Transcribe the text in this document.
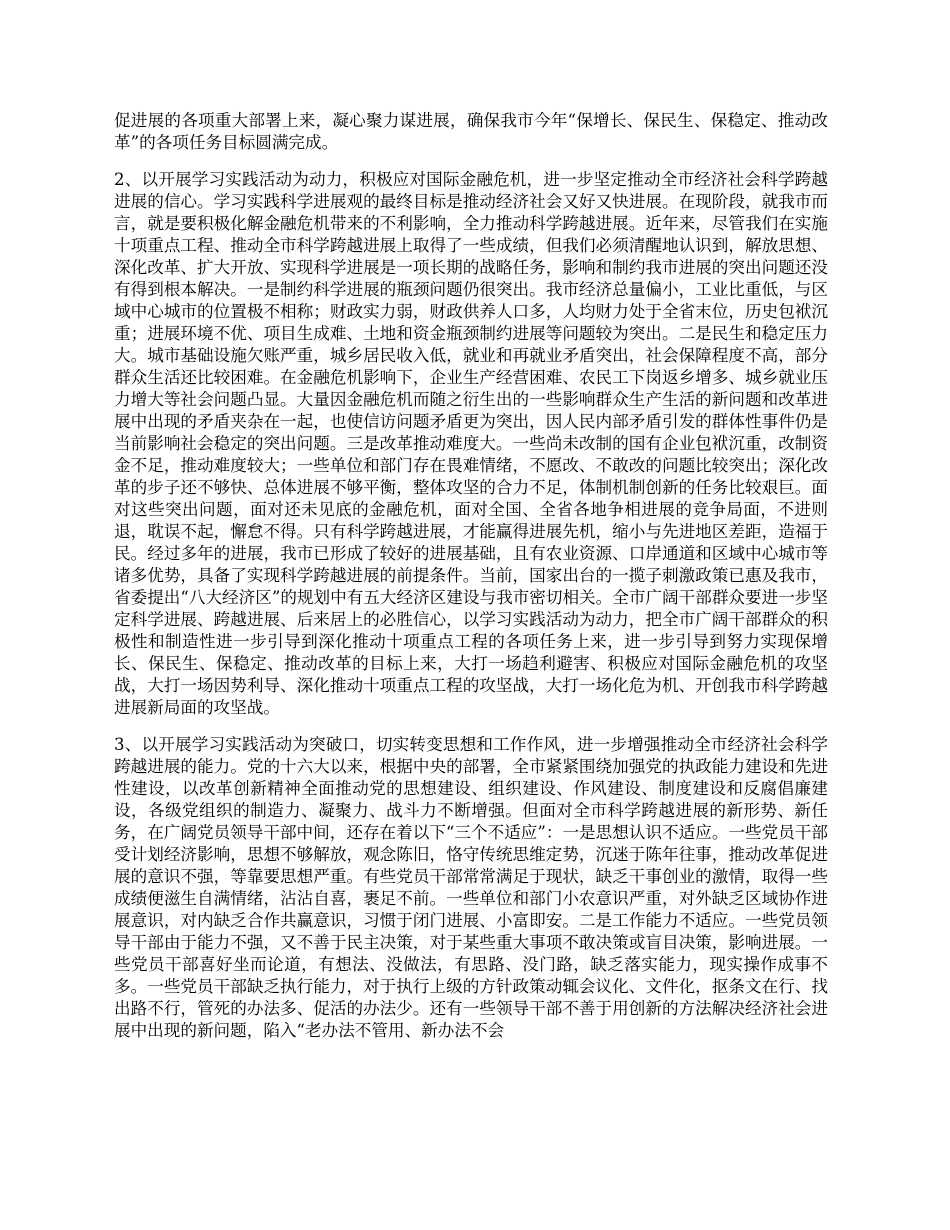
促进展的各项重大部署上来，凝心聚力谋进展，确保我市今年“保增长、保民生、保稳定、推动改革”的各项任务目标圆满完成。

2、以开展学习实践活动为动力，积极应对国际金融危机，进一步坚定推动全市经济社会科学跨越进展的信心。学习实践科学进展观的最终目标是推动经济社会又好又快进展。在现阶段，就我市而言，就是要积极化解金融危机带来的不利影响，全力推动科学跨越进展。近年来，尽管我们在实施十项重点工程、推动全市科学跨越进展上取得了一些成绩，但我们必须清醒地认识到，解放思想、深化改革、扩大开放、实现科学进展是一项长期的战略任务，影响和制约我市进展的突出问题还没有得到根本解决。一是制约科学进展的瓶颈问题仍很突出。我市经济总量偏小，工业比重低，与区域中心城市的位置极不相称；财政实力弱，财政供养人口多，人均财力处于全省末位，历史包袱沉重；进展环境不优、项目生成难、土地和资金瓶颈制约进展等问题较为突出。二是民生和稳定压力大。城市基础设施欠账严重，城乡居民收入低，就业和再就业矛盾突出，社会保障程度不高，部分群众生活还比较困难。在金融危机影响下，企业生产经营困难、农民工下岗返乡增多、城乡就业压力增大等社会问题凸显。大量因金融危机而随之衍生出的一些影响群众生产生活的新问题和改革进展中出现的矛盾夹杂在一起，也使信访问题矛盾更为突出，因人民内部矛盾引发的群体性事件仍是当前影响社会稳定的突出问题。三是改革推动难度大。一些尚未改制的国有企业包袱沉重，改制资金不足，推动难度较大；一些单位和部门存在畏难情绪，不愿改、不敢改的问题比较突出；深化改革的步子还不够快、总体进展不够平衡，整体攻坚的合力不足，体制机制创新的任务比较艰巨。面对这些突出问题，面对还未见底的金融危机，面对全国、全省各地争相进展的竞争局面，不进则退，耽误不起，懈怠不得。只有科学跨越进展，才能赢得进展先机，缩小与先进地区差距，造福于民。经过多年的进展，我市已形成了较好的进展基础，且有农业资源、口岸通道和区域中心城市等诸多优势，具备了实现科学跨越进展的前提条件。当前，国家出台的一揽子刺激政策已惠及我市，省委提出“八大经济区”的规划中有五大经济区建设与我市密切相关。全市广阔干部群众要进一步坚定科学进展、跨越进展、后来居上的必胜信心，以学习实践活动为动力，把全市广阔干部群众的积极性和制造性进一步引导到深化推动十项重点工程的各项任务上来，进一步引导到努力实现保增长、保民生、保稳定、推动改革的目标上来，大打一场趋利避害、积极应对国际金融危机的攻坚战，大打一场因势利导、深化推动十项重点工程的攻坚战，大打一场化危为机、开创我市科学跨越进展新局面的攻坚战。

3、以开展学习实践活动为突破口，切实转变思想和工作作风，进一步增强推动全市经济社会科学跨越进展的能力。党的十六大以来，根据中央的部署，全市紧紧围绕加强党的执政能力建设和先进性建设，以改革创新精神全面推动党的思想建设、组织建设、作风建设、制度建设和反腐倡廉建设，各级党组织的制造力、凝聚力、战斗力不断增强。但面对全市科学跨越进展的新形势、新任务，在广阔党员领导干部中间，还存在着以下“三个不适应”：一是思想认识不适应。一些党员干部受计划经济影响，思想不够解放，观念陈旧，恪守传统思维定势，沉迷于陈年往事，推动改革促进展的意识不强，等靠要思想严重。有些党员干部常常满足于现状，缺乏干事创业的激情，取得一些成绩便滋生自满情绪，沾沾自喜，裹足不前。一些单位和部门小农意识严重，对外缺乏区域协作进展意识，对内缺乏合作共赢意识，习惯于闭门进展、小富即安。二是工作能力不适应。一些党员领导干部由于能力不强，又不善于民主决策，对于某些重大事项不敢决策或盲目决策，影响进展。一些党员干部喜好坐而论道，有想法、没做法，有思路、没门路，缺乏落实能力，现实操作成事不多。一些党员干部缺乏执行能力，对于执行上级的方针政策动辄会议化、文件化，抠条文在行、找出路不行，管死的办法多、促活的办法少。还有一些领导干部不善于用创新的方法解决经济社会进展中出现的新问题，陷入“老办法不管用、新办法不会
